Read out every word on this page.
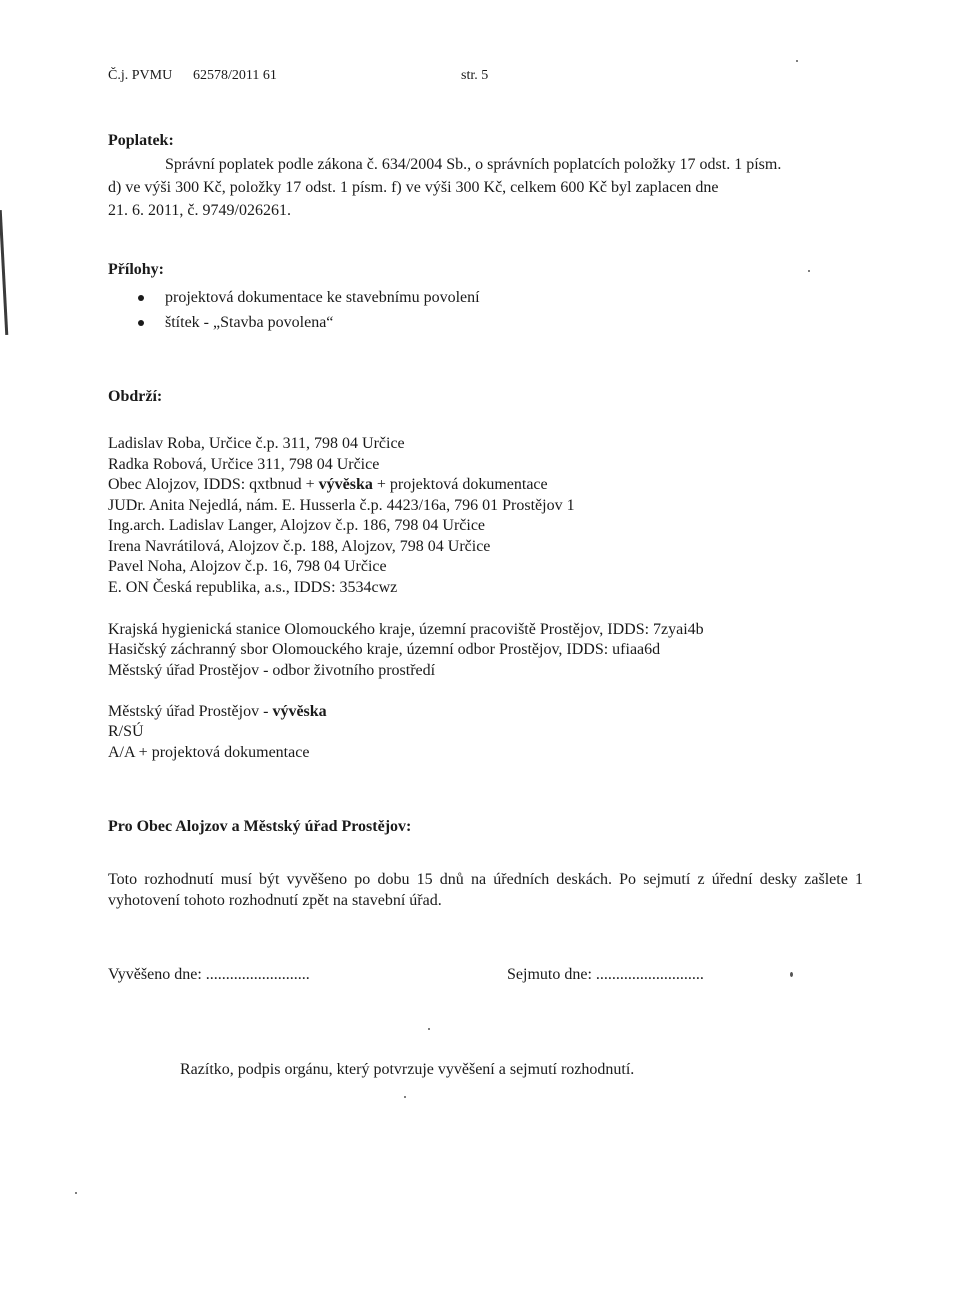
Č.j. PVMU 62578/2011 61	str. 5
Poplatek:
Správní poplatek podle zákona č. 634/2004 Sb., o správních poplatcích položky 17 odst. 1 písm.
d) ve výši 300 Kč, položky 17 odst. 1 písm. f) ve výši 300 Kč, celkem 600 Kč byl zaplacen dne
21. 6. 2011, č. 9749/026261.
Přílohy:
projektová dokumentace ke stavebnímu povolení
štítek - „Stavba povolena“
Obdrží:
Ladislav Roba, Určice č.p. 311, 798 04 Určice
Radka Robová, Určice 311, 798 04 Určice
Obec Alojzov, IDDS: qxtbnud + vývěska + projektová dokumentace
JUDr. Anita Nejedlá, nám. E. Husserla č.p. 4423/16a, 796 01 Prostějov 1
Ing.arch. Ladislav Langer, Alojzov č.p. 186, 798 04 Určice
Irena Navrátilová, Alojzov č.p. 188, Alojzov, 798 04 Určice
Pavel Noha, Alojzov č.p. 16, 798 04 Určice
E. ON Česká republika, a.s., IDDS: 3534cwz
Krajská hygienická stanice Olomouckého kraje, územní pracoviště Prostějov, IDDS: 7zyai4b
Hasičský záchranný sbor Olomouckého kraje, územní odbor Prostějov, IDDS: ufiaa6d
Městský úřad Prostějov - odbor životního prostředí
Městský úřad Prostějov - vývěska
R/SÚ
A/A + projektová dokumentace
Pro Obec Alojzov a Městský úřad Prostějov:
Toto rozhodnutí musí být vyvěšeno po dobu 15 dnů na úředních deskách. Po sejmutí z úřední desky zašlete 1 vyhotovení tohoto rozhodnutí zpět na stavební úřad.
Vyvěšeno dne: ..........................	Sejmuto dne: ...........................
Razítko, podpis orgánu, který potvrzuje vyvěšení a sejmutí rozhodnutí.
